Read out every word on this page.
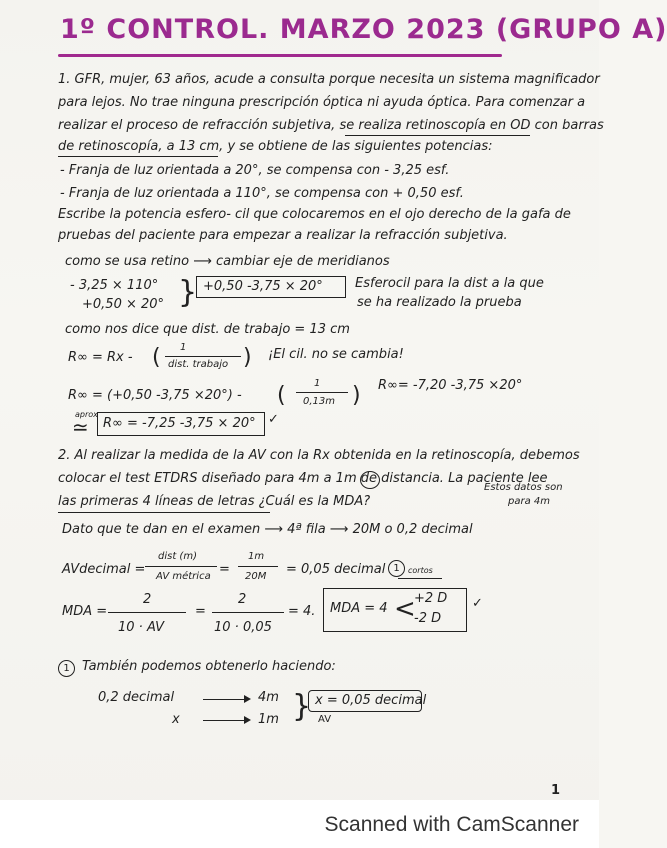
1º CONTROL. MARZO 2023 (GRUPO A)
1. GFR, mujer, 63 años, acude a consulta porque necesita un sistema magnificador
para lejos. No trae ninguna prescripción óptica ni ayuda óptica. Para comenzar a
realizar el proceso de refracción subjetiva, se realiza retinoscopía en OD con barras
de retinoscopía, a 13 cm, y se obtiene de las siguientes potencias:
- Franja de luz orientada a 20°, se compensa con - 3,25 esf.
- Franja de luz orientada a 110°, se compensa con + 0,50 esf.
Escribe la potencia esfero- cil que colocaremos en el ojo derecho de la gafa de
pruebas del paciente para empezar a realizar la refracción subjetiva.
como se usa retino ⟶ cambiar eje de meridianos
- 3,25 × 110°
+0,50 × 20° } +0,50 -3,75 × 20° Esferocil para la dist a la que
se ha realizado la prueba
como nos dice que dist. de trabajo = 13 cm
R∞ = Rx - ( 1
dist. trabajo ) ¡El cil. no se cambia!
R∞ = (+0,50 -3,75 ×20°) - (	1
0,13m ) R∞= -7,20 -3,75 ×20°
aprox
≃ R∞ = -7,25 -3,75 × 20° ✓
2. Al realizar la medida de la AV con la Rx obtenida en la retinoscopía, debemos
colocar el test ETDRS diseñado para 4m a 1m de distancia. La paciente lee
las primeras 4 líneas de letras ¿Cuál es la MDA?
Estos datos son
para 4m
Dato que te dan en el examen ⟶ 4ª fila ⟶ 20M o 0,2 decimal
AVdecimal =
dist (m)
AV métrica =
1m
20M = 0,05 decimal 1	cortos
MDA =
2
10 · AV
=
2
10 · 0,05
= 4. MDA = 4 <
+2 D
-2 D
✓
1 También podemos obtenerlo haciendo:
0,2 decimal	4m
x	1m } x = 0,05 decimal
AV
1
Scanned with CamScanner
